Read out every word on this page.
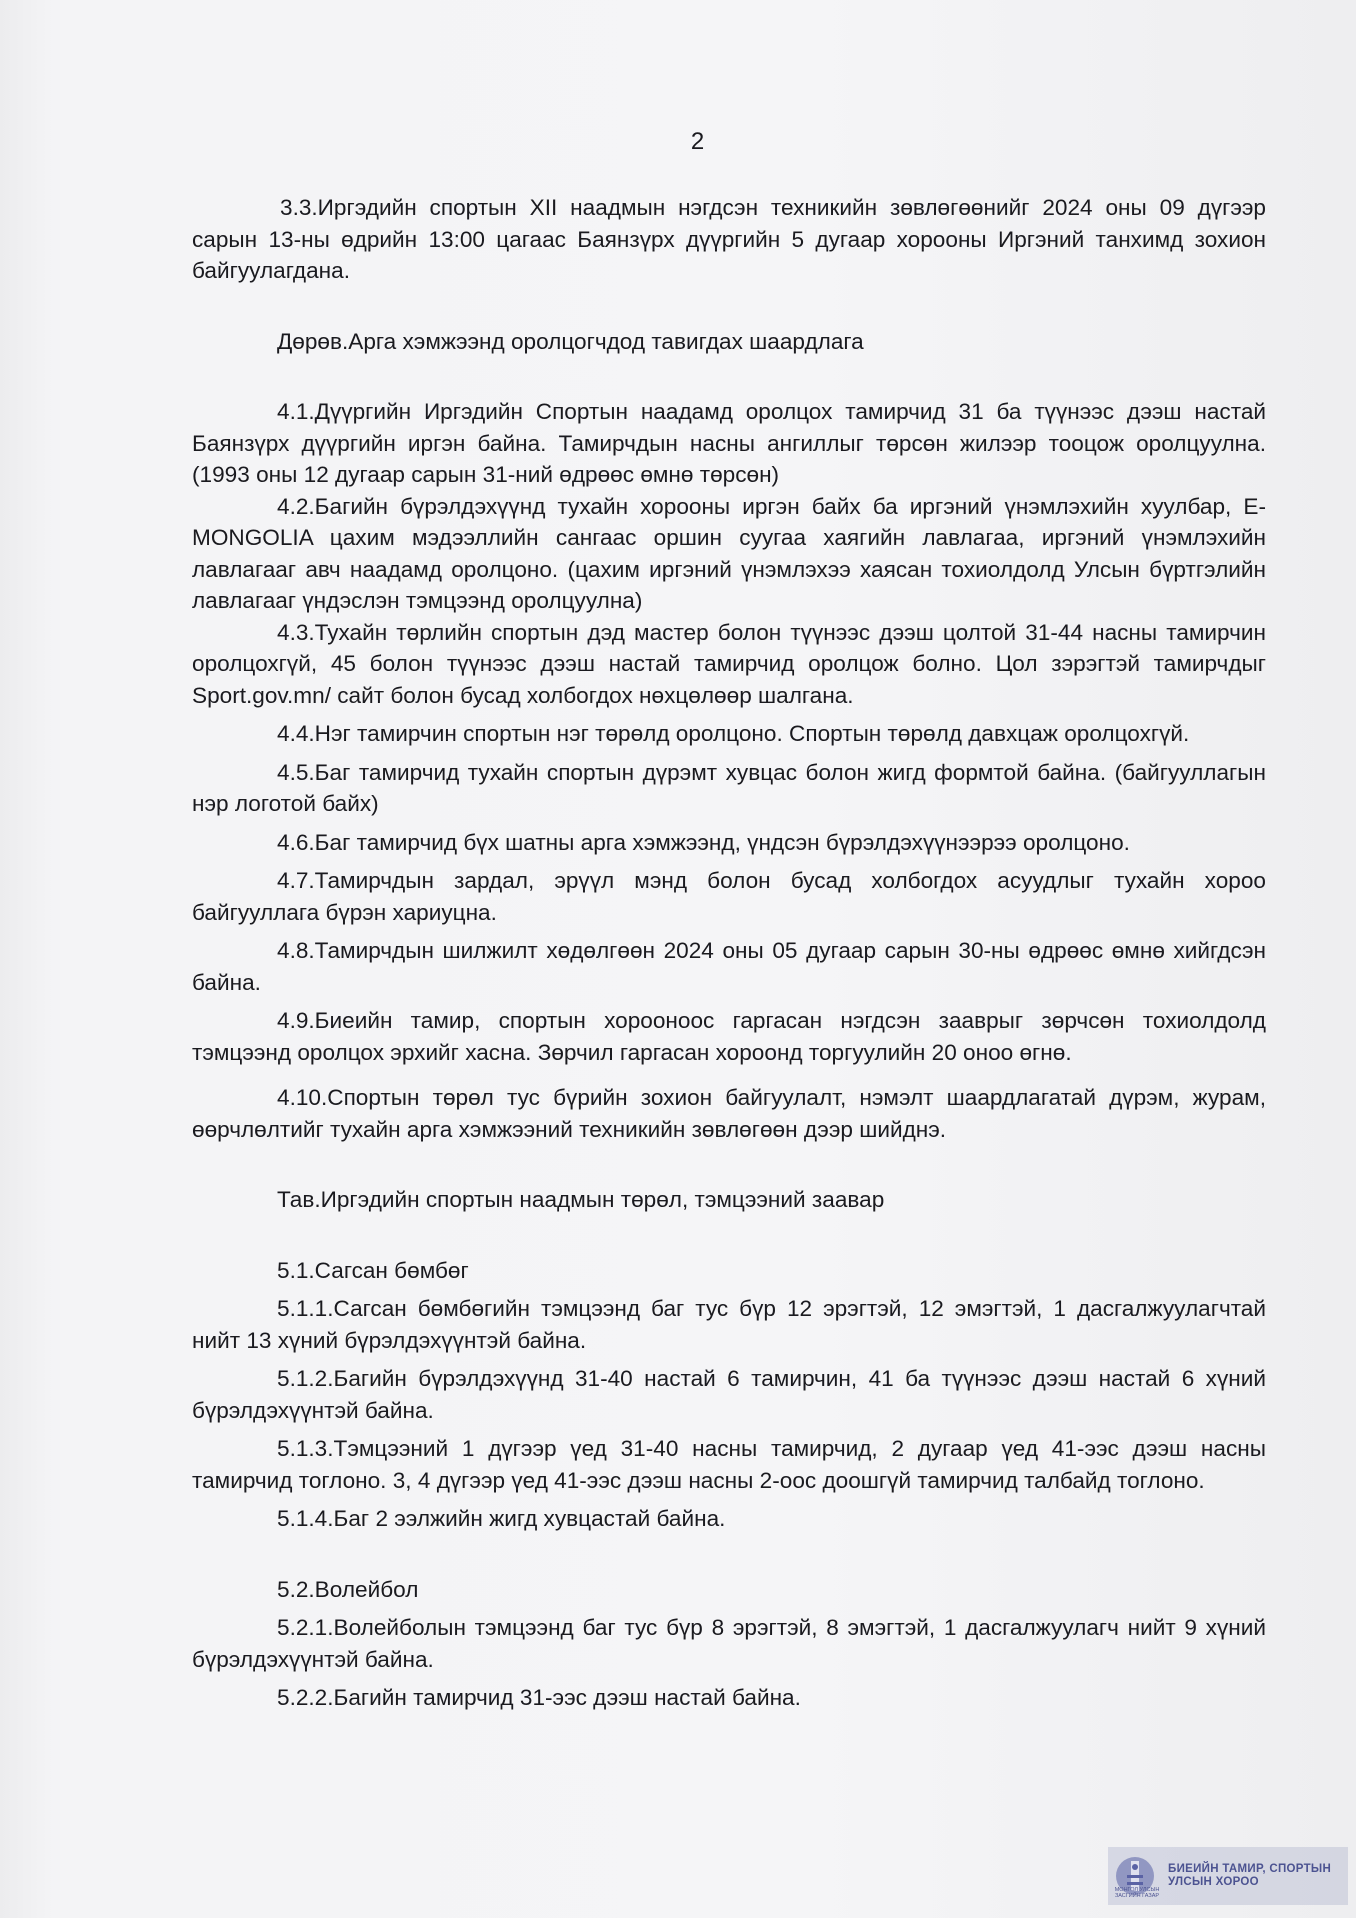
2

3.3.Иргэдийн спортын XII наадмын нэгдсэн техникийн зөвлөгөөнийг 2024 оны 09 дүгээр сарын 13-ны өдрийн 13:00 цагаас Баянзүрх дүүргийн 5 дугаар хорооны Иргэний танхимд зохион байгуулагдана.

Дөрөв.Арга хэмжээнд оролцогчдод тавигдах шаардлага

4.1.Дүүргийн Иргэдийн Спортын наадамд оролцох тамирчид 31 ба түүнээс дээш настай Баянзүрх дүүргийн иргэн байна. Тамирчдын насны ангиллыг төрсөн жилээр тооцож оролцуулна. (1993 оны 12 дугаар сарын 31-ний өдрөөс өмнө төрсөн)

4.2.Багийн бүрэлдэхүүнд тухайн хорооны иргэн байх ба иргэний үнэмлэхийн хуулбар, E-MONGOLIA цахим мэдээллийн сангаас оршин суугаа хаягийн лавлагаа, иргэний үнэмлэхийн лавлагааг авч наадамд оролцоно. (цахим иргэний үнэмлэхээ хаясан тохиолдолд Улсын бүртгэлийн лавлагааг үндэслэн тэмцээнд оролцуулна)

4.3.Тухайн төрлийн спортын дэд мастер болон түүнээс дээш цолтой 31-44 насны тамирчин оролцохгүй, 45 болон түүнээс дээш настай тамирчид оролцож болно. Цол зэрэгтэй тамирчдыг Sport.gov.mn/ сайт болон бусад холбогдох нөхцөлөөр шалгана.

4.4.Нэг тамирчин спортын нэг төрөлд оролцоно. Спортын төрөлд давхцаж оролцохгүй.

4.5.Баг тамирчид тухайн спортын дүрэмт хувцас болон жигд формтой байна. (байгууллагын нэр логотой байх)

4.6.Баг тамирчид бүх шатны арга хэмжээнд, үндсэн бүрэлдэхүүнээрээ оролцоно.

4.7.Тамирчдын зардал, эрүүл мэнд болон бусад холбогдох асуудлыг тухайн хороо байгууллага бүрэн хариуцна.

4.8.Тамирчдын шилжилт хөдөлгөөн 2024 оны 05 дугаар сарын 30-ны өдрөөс өмнө хийгдсэн байна.

4.9.Биеийн тамир, спортын хорооноос гаргасан нэгдсэн зааврыг зөрчсөн тохиолдолд тэмцээнд оролцох эрхийг хасна. Зөрчил гаргасан хороонд торгуулийн 20 оноо өгнө.

4.10.Спортын төрөл тус бүрийн зохион байгуулалт, нэмэлт шаардлагатай дүрэм, журам, өөрчлөлтийг тухайн арга хэмжээний техникийн зөвлөгөөн дээр шийднэ.

Тав.Иргэдийн спортын наадмын төрөл, тэмцээний заавар
5.1.Сагсан бөмбөг

5.1.1.Сагсан бөмбөгийн тэмцээнд баг тус бүр 12 эрэгтэй, 12 эмэгтэй, 1 дасгалжуулагчтай нийт 13 хүний бүрэлдэхүүнтэй байна.

5.1.2.Багийн бүрэлдэхүүнд 31-40 настай 6 тамирчин, 41 ба түүнээс дээш настай 6 хүний бүрэлдэхүүнтэй байна.

5.1.3.Тэмцээний 1 дүгээр үед 31-40 насны тамирчид, 2 дугаар үед 41-ээс дээш насны тамирчид тоглоно. 3, 4 дүгээр үед 41-ээс дээш насны 2-оос доошгүй тамирчид талбайд тоглоно.

5.1.4.Баг 2 ээлжийн жигд хувцастай байна.

5.2.Волейбол

5.2.1.Волейболын тэмцээнд баг тус бүр 8 эрэгтэй, 8 эмэгтэй, 1 дасгалжуулагч нийт 9 хүний бүрэлдэхүүнтэй байна.

5.2.2.Багийн тамирчид 31-ээс дээш настай байна.

МОНГОЛ УЛСЫН ЗАСГИЙН ГАЗАР
БИЕИЙН ТАМИР, СПОРТЫН УЛСЫН ХОРОО
